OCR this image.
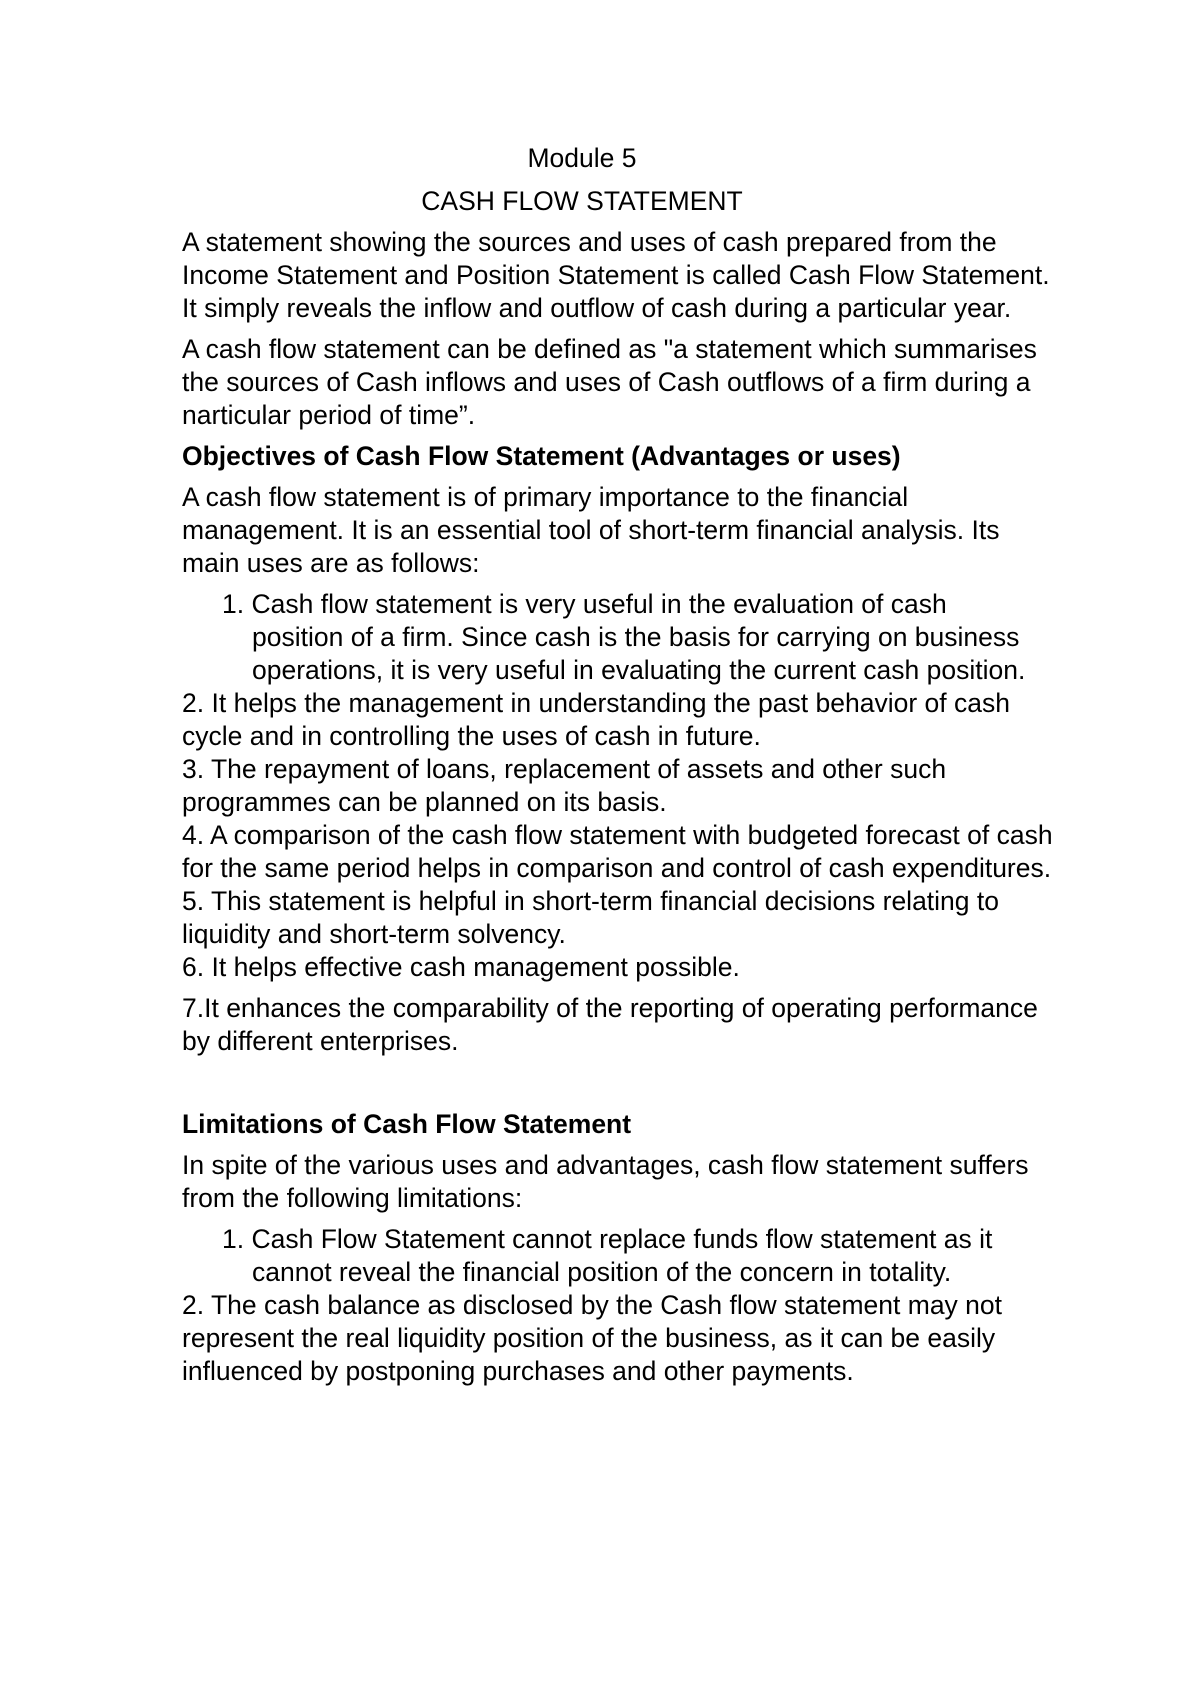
Module 5
CASH FLOW STATEMENT

A statement showing the sources and uses of cash prepared from the Income Statement and Position Statement is called Cash Flow Statement. It simply reveals the inflow and outflow of cash during a particular year.

A cash flow statement can be defined as "a statement which summarises the sources of Cash inflows and uses of Cash outflows of a firm during a narticular period of time”.

Objectives of Cash Flow Statement (Advantages or uses)

A cash flow statement is of primary importance to the financial management. It is an essential tool of short-term financial analysis. Its main uses are as follows:

1. Cash flow statement is very useful in the evaluation of cash position of a firm. Since cash is the basis for carrying on business operations, it is very useful in evaluating the current cash position.
2. It helps the management in understanding the past behavior of cash cycle and in controlling the uses of cash in future.
3. The repayment of loans, replacement of assets and other such programmes can be planned on its basis.
4. A comparison of the cash flow statement with budgeted forecast of cash for the same period helps in comparison and control of cash expenditures.
5. This statement is helpful in short-term financial decisions relating to liquidity and short-term solvency.
6. It helps effective cash management possible.
7.It enhances the comparability of the reporting of operating performance by different enterprises.
Limitations of Cash Flow Statement

In spite of the various uses and advantages, cash flow statement suffers from the following limitations:

1. Cash Flow Statement cannot replace funds flow statement as it cannot reveal the financial position of the concern in totality.
2. The cash balance as disclosed by the Cash flow statement may not represent the real liquidity position of the business, as it can be easily influenced by postponing purchases and other payments.
